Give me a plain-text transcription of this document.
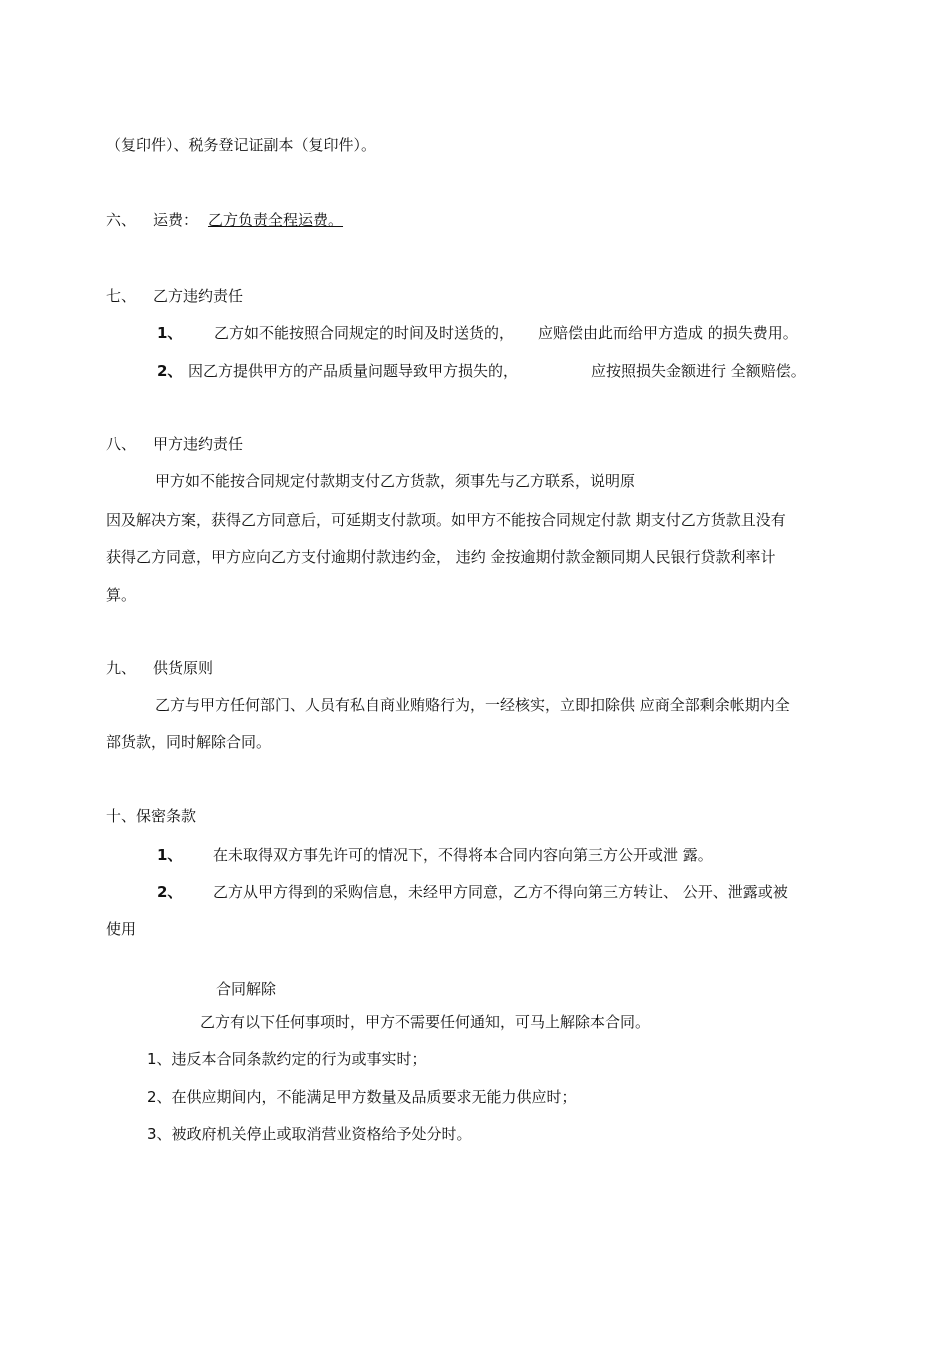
（复印件）、税务登记证副本（复印件）。
六、 运费： 乙方负责全程运费。
七、 乙方违约责任
1、 乙方如不能按照合同规定的时间及时送货的， 应赔偿由此而给甲方造成 的损失费用。
2、 因乙方提供甲方的产品质量问题导致甲方损失的，	应按照损失金额进行 全额赔偿。
八、 甲方违约责任
甲方如不能按合同规定付款期支付乙方货款，须事先与乙方联系，说明原
因及解决方案，获得乙方同意后，可延期支付款项。如甲方不能按合同规定付款 期支付乙方货款且没有
获得乙方同意，甲方应向乙方支付逾期付款违约金， 违约 金按逾期付款金额同期人民银行贷款利率计
算。
九、 供货原则
乙方与甲方任何部门、人员有私自商业贿赂行为，一经核实，立即扣除供 应商全部剩余帐期内全
部货款，同时解除合同。
十、保密条款
1、 在未取得双方事先许可的情况下，不得将本合同内容向第三方公开或泄 露。
2、 乙方从甲方得到的采购信息，未经甲方同意，乙方不得向第三方转让、 公开、泄露或被
使用
合同解除
乙方有以下任何事项时，甲方不需要任何通知，可马上解除本合同。
1、违反本合同条款约定的行为或事实时；
2、在供应期间内，不能满足甲方数量及品质要求无能力供应时；
3、被政府机关停止或取消营业资格给予处分时。
